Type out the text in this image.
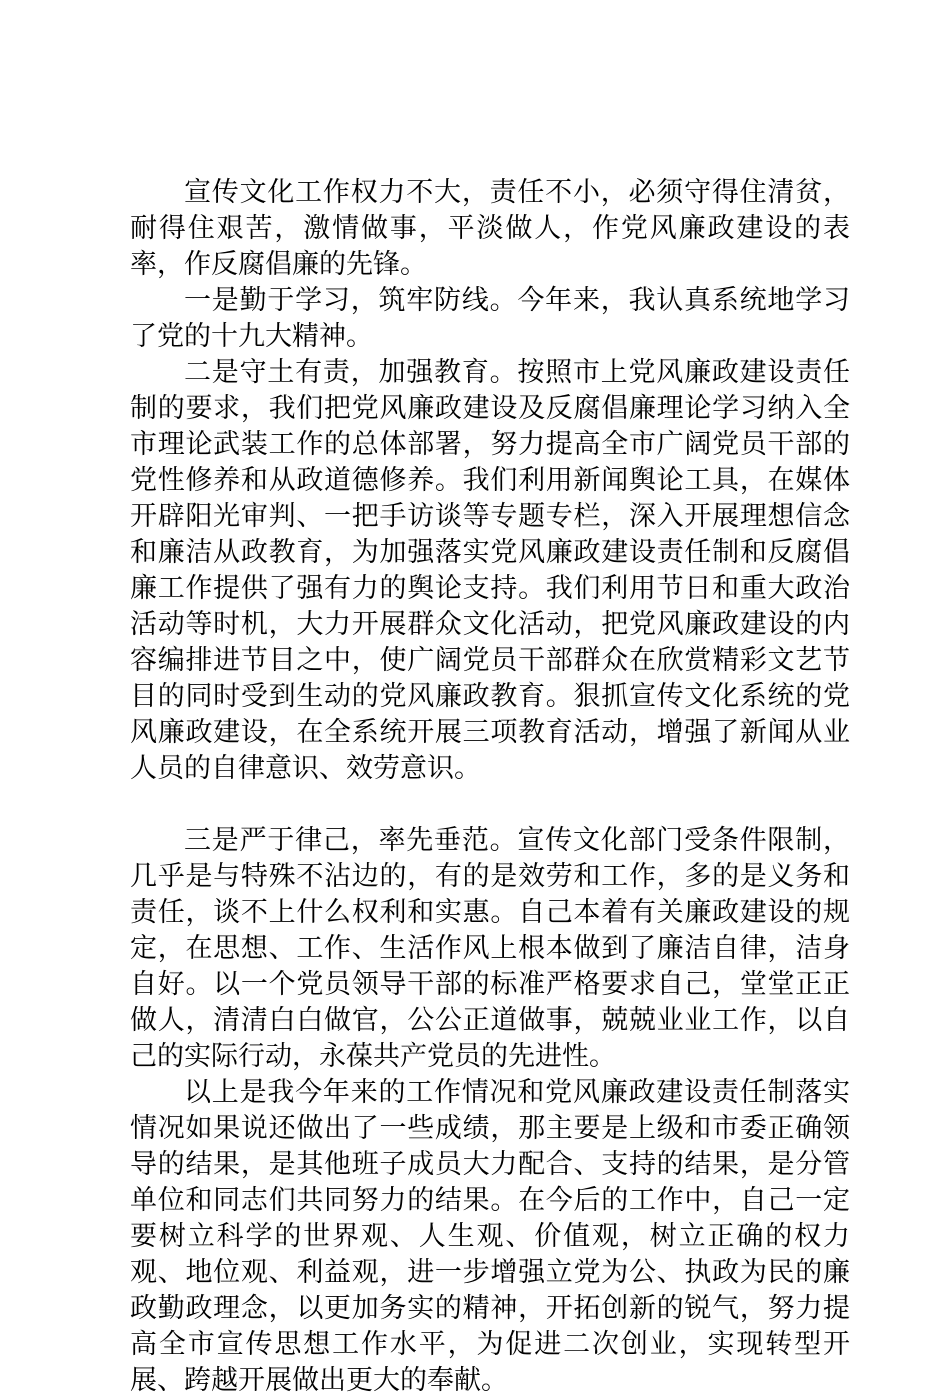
宣传文化工作权力不大，责任不小，必须守得住清贫，耐得住艰苦，激情做事，平淡做人，作党风廉政建设的表率，作反腐倡廉的先锋。

一是勤于学习，筑牢防线。今年来，我认真系统地学习了党的十九大精神。

二是守土有责，加强教育。按照市上党风廉政建设责任制的要求，我们把党风廉政建设及反腐倡廉理论学习纳入全市理论武装工作的总体部署，努力提高全市广阔党员干部的党性修养和从政道德修养。我们利用新闻舆论工具，在媒体开辟阳光审判、一把手访谈等专题专栏，深入开展理想信念和廉洁从政教育，为加强落实党风廉政建设责任制和反腐倡廉工作提供了强有力的舆论支持。我们利用节日和重大政治活动等时机，大力开展群众文化活动，把党风廉政建设的内容编排进节目之中，使广阔党员干部群众在欣赏精彩文艺节目的同时受到生动的党风廉政教育。狠抓宣传文化系统的党风廉政建设，在全系统开展三项教育活动，增强了新闻从业人员的自律意识、效劳意识。

三是严于律己，率先垂范。宣传文化部门受条件限制，几乎是与特殊不沾边的，有的是效劳和工作，多的是义务和责任，谈不上什么权利和实惠。自己本着有关廉政建设的规定，在思想、工作、生活作风上根本做到了廉洁自律，洁身自好。以一个党员领导干部的标准严格要求自己，堂堂正正做人，清清白白做官，公公正道做事，兢兢业业工作，以自己的实际行动，永葆共产党员的先进性。

以上是我今年来的工作情况和党风廉政建设责任制落实情况如果说还做出了一些成绩，那主要是上级和市委正确领导的结果，是其他班子成员大力配合、支持的结果，是分管单位和同志们共同努力的结果。在今后的工作中，自己一定要树立科学的世界观、人生观、价值观，树立正确的权力观、地位观、利益观，进一步增强立党为公、执政为民的廉政勤政理念，以更加务实的精神，开拓创新的锐气，努力提高全市宣传思想工作水平，为促进二次创业，实现转型开展、跨越开展做出更大的奉献。
